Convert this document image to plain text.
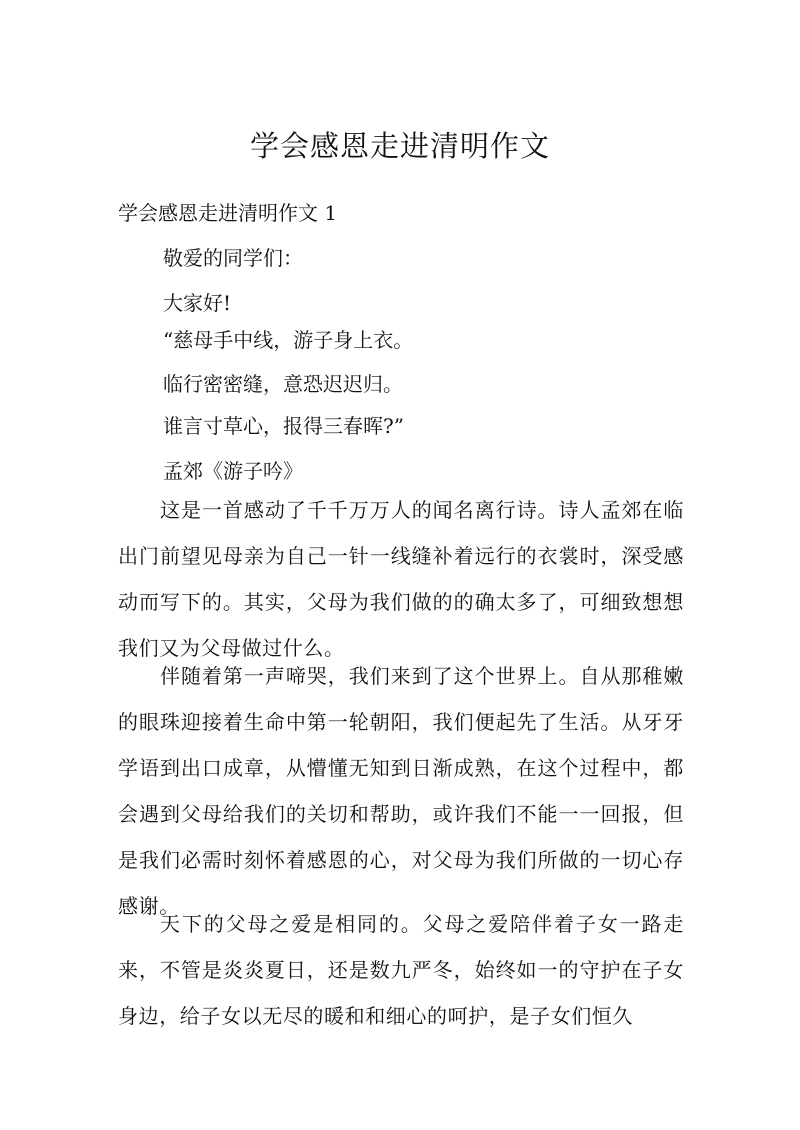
学会感恩走进清明作文
学会感恩走进清明作文 1

敬爱的同学们：

大家好!

“慈母手中线，游子身上衣。

临行密密缝，意恐迟迟归。

谁言寸草心，报得三春晖?”

孟郊《游子吟》

这是一首感动了千千万万人的闻名离行诗。诗人孟郊在临出门前望见母亲为自己一针一线缝补着远行的衣裳时，深受感动而写下的。其实，父母为我们做的的确太多了，可细致想想我们又为父母做过什么。

伴随着第一声啼哭，我们来到了这个世界上。自从那稚嫩的眼珠迎接着生命中第一轮朝阳，我们便起先了生活。从牙牙学语到出口成章，从懵懂无知到日渐成熟，在这个过程中，都会遇到父母给我们的关切和帮助，或许我们不能一一回报，但是我们必需时刻怀着感恩的心，对父母为我们所做的一切心存感谢。

天下的父母之爱是相同的。父母之爱陪伴着子女一路走来，不管是炎炎夏日，还是数九严冬，始终如一的守护在子女身边，给子女以无尽的暖和和细心的呵护，是子女们恒久
